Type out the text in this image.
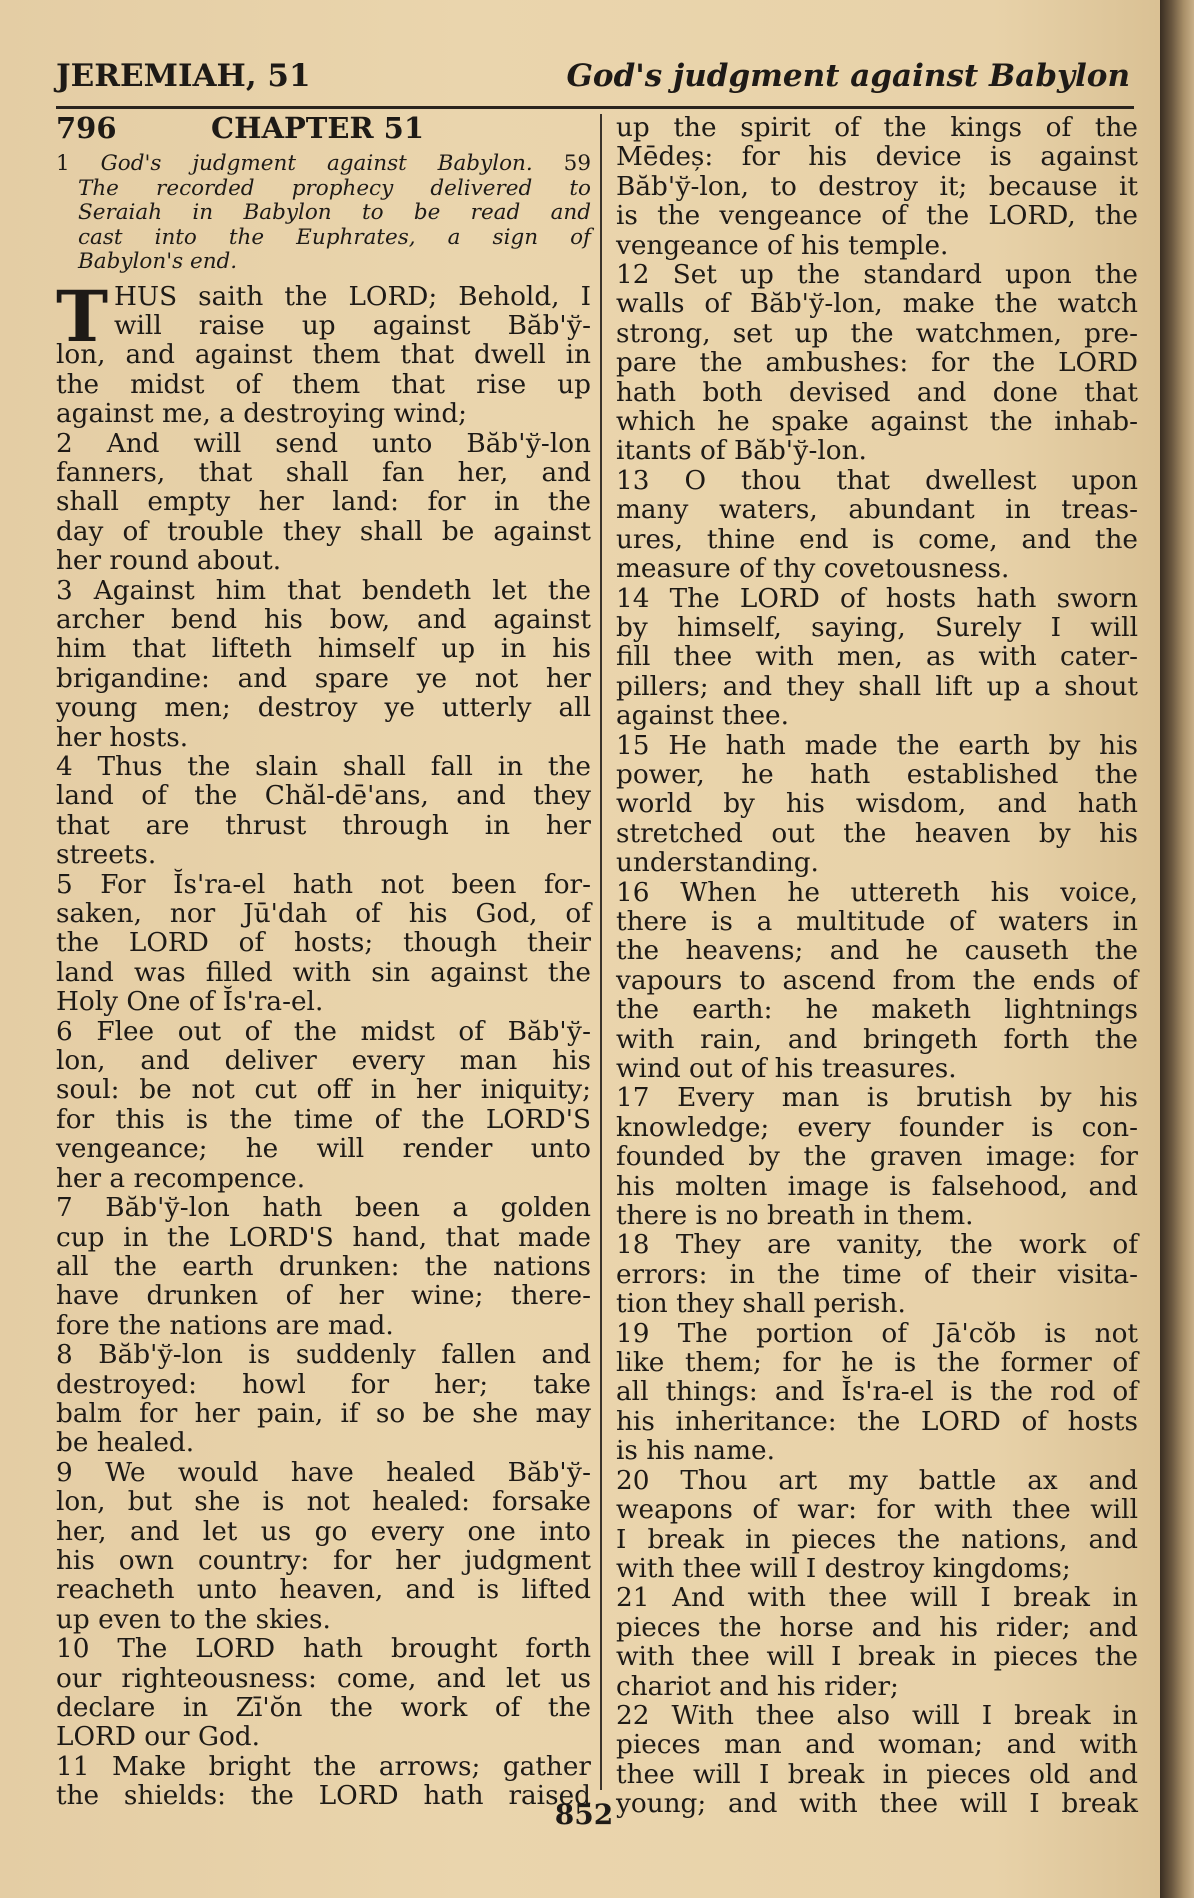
JEREMIAH, 51	God's judgment against Babylon
796	CHAPTER 51

1 God's judgment against Babylon. 59

The recorded prophecy delivered to

Seraiah in Babylon to be read and

cast into the Euphrates, a sign of

Babylon's end.

T HUS saith the LORD; Behold, I

will raise up against Băb'ў-

lon, and against them that dwell in

the midst of them that rise up

against me, a destroying wind;

2 And will send unto Băb'ў-lon

fanners, that shall fan her, and

shall empty her land: for in the

day of trouble they shall be against

her round about.

3 Against him that bendeth let the

archer bend his bow, and against

him that lifteth himself up in his

brigandine: and spare ye not her

young men; destroy ye utterly all

her hosts.

4 Thus the slain shall fall in the

land of the Chăl-dē'ans, and they

that are thrust through in her

streets.

5 For Ĭs'ra-el hath not been for-

saken, nor Jū'dah of his God, of

the LORD of hosts; though their

land was filled with sin against the

Holy One of Ĭs'ra-el.

6 Flee out of the midst of Băb'ў-

lon, and deliver every man his

soul: be not cut off in her iniquity;

for this is the time of the LORD'S

vengeance; he will render unto

her a recompence.

7 Băb'ў-lon hath been a golden

cup in the LORD'S hand, that made

all the earth drunken: the nations

have drunken of her wine; there-

fore the nations are mad.

8 Băb'ў-lon is suddenly fallen and

destroyed: howl for her; take

balm for her pain, if so be she may

be healed.

9 We would have healed Băb'ў-

lon, but she is not healed: forsake

her, and let us go every one into

his own country: for her judgment

reacheth unto heaven, and is lifted

up even to the skies.

10 The LORD hath brought forth

our righteousness: come, and let us

declare in Zī'ŏn the work of the

LORD our God.

11 Make bright the arrows; gather

the shields: the LORD hath raised

up the spirit of the kings of the

Mēdeș: for his device is against

Băb'ў-lon, to destroy it; because it

is the vengeance of the LORD, the

vengeance of his temple.

12 Set up the standard upon the

walls of Băb'ў-lon, make the watch

strong, set up the watchmen, pre-

pare the ambushes: for the LORD

hath both devised and done that

which he spake against the inhab-

itants of Băb'ў-lon.

13 O thou that dwellest upon

many waters, abundant in treas-

ures, thine end is come, and the

measure of thy covetousness.

14 The LORD of hosts hath sworn

by himself, saying, Surely I will

fill thee with men, as with cater-

pillers; and they shall lift up a shout

against thee.

15 He hath made the earth by his

power, he hath established the

world by his wisdom, and hath

stretched out the heaven by his

understanding.

16 When he uttereth his voice,

there is a multitude of waters in

the heavens; and he causeth the

vapours to ascend from the ends of

the earth: he maketh lightnings

with rain, and bringeth forth the

wind out of his treasures.

17 Every man is brutish by his

knowledge; every founder is con-

founded by the graven image: for

his molten image is falsehood, and

there is no breath in them.

18 They are vanity, the work of

errors: in the time of their visita-

tion they shall perish.

19 The portion of Jā'cŏb is not

like them; for he is the former of

all things: and Ĭs'ra-el is the rod of

his inheritance: the LORD of hosts

is his name.

20 Thou art my battle ax and

weapons of war: for with thee will

I break in pieces the nations, and

with thee will I destroy kingdoms;

21 And with thee will I break in

pieces the horse and his rider; and

with thee will I break in pieces the

chariot and his rider;

22 With thee also will I break in

pieces man and woman; and with

thee will I break in pieces old and

young; and with thee will I break

852
